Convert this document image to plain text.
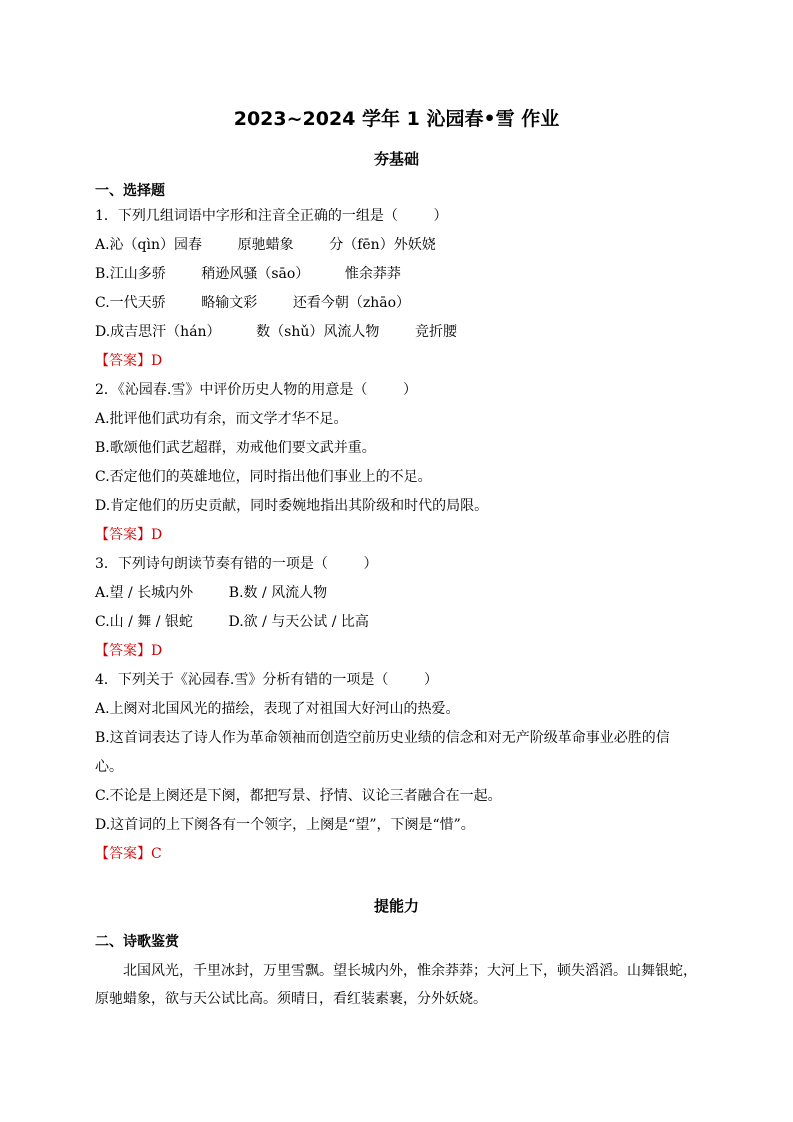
2023~2024 学年 1 沁园春•雪 作业
夯基础
一、选择题
1．下列几组词语中字形和注音全正确的一组是（        ）
A.沁（qìn）园春        原驰蜡象        分（fēn）外妖娆
B.江山多骄        稍逊风骚（sāo）        惟余莽莽
C.一代天骄        略输文彩        还看今朝（zhāo）
D.成吉思汗（hán）        数（shǔ）风流人物        竞折腰
【答案】D
2．《沁园春.雪》中评价历史人物的用意是（        ）
A.批评他们武功有余，而文学才华不足。
B.歌颂他们武艺超群，劝戒他们要文武并重。
C.否定他们的英雄地位，同时指出他们事业上的不足。
D.肯定他们的历史贡献，同时委婉地指出其阶级和时代的局限。
【答案】D
3．下列诗句朗读节奏有错的一项是（        ）
A.望 / 长城内外        B.数 / 风流人物
C.山 / 舞 / 银蛇        D.欲 / 与天公试 / 比高
【答案】D
4．下列关于《沁园春.雪》分析有错的一项是（        ）
A.上阕对北国风光的描绘，表现了对祖国大好河山的热爱。
B.这首词表达了诗人作为革命领袖而创造空前历史业绩的信念和对无产阶级革命事业必胜的信
心。
C.不论是上阕还是下阕，都把写景、抒情、议论三者融合在一起。
D.这首词的上下阕各有一个领字，上阕是“望”，下阕是“惜”。
【答案】C
提能力
二、诗歌鉴赏
北国风光，千里冰封，万里雪飘。望长城内外，惟余莽莽；大河上下，顿失滔滔。山舞银蛇，原驰蜡象，欲与天公试比高。须晴日，看红装素裹，分外妖娆。
